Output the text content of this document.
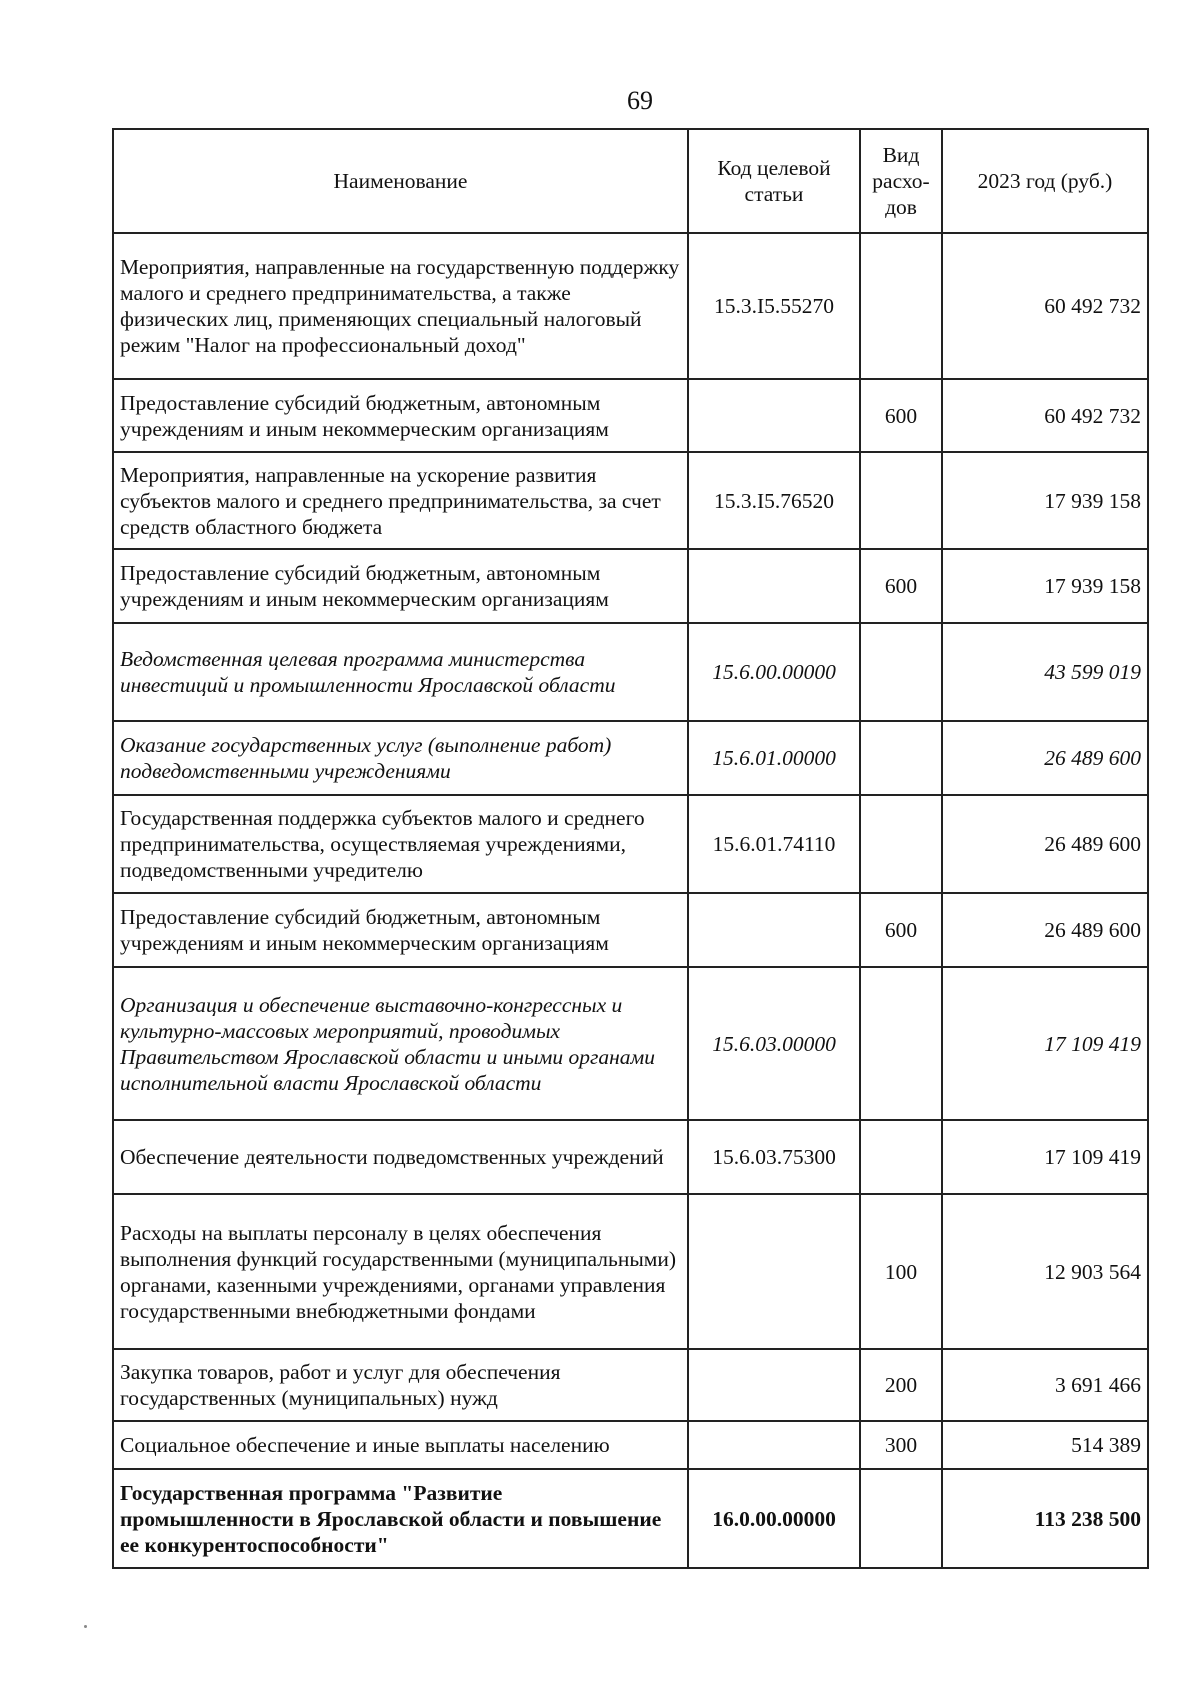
69
Наименование	Код целевой статьи	Вид расхо-дов	2023 год (руб.)
Мероприятия, направленные на государственную поддержку малого и среднего предпринимательства, а также физических лиц, применяющих специальный налоговый режим "Налог на профессиональный доход"	15.3.I5.55270		60 492 732
Предоставление субсидий бюджетным, автономным учреждениям и иным некоммерческим организациям		600	60 492 732
Мероприятия, направленные на ускорение развития субъектов малого и среднего предпринимательства, за счет средств областного бюджета	15.3.I5.76520		17 939 158
Предоставление субсидий бюджетным, автономным учреждениям и иным некоммерческим организациям		600	17 939 158
Ведомственная целевая программа министерства инвестиций и промышленности Ярославской области	15.6.00.00000		43 599 019
Оказание государственных услуг (выполнение работ) подведомственными учреждениями	15.6.01.00000		26 489 600
Государственная поддержка субъектов малого и среднего предпринимательства, осуществляемая учреждениями, подведомственными учредителю	15.6.01.74110		26 489 600
Предоставление субсидий бюджетным, автономным учреждениям и иным некоммерческим организациям		600	26 489 600
Организация и обеспечение выставочно-конгрессных и культурно-массовых мероприятий, проводимых Правительством Ярославской области и иными органами исполнительной власти Ярославской области	15.6.03.00000		17 109 419
Обеспечение деятельности подведомственных учреждений	15.6.03.75300		17 109 419
Расходы на выплаты персоналу в целях обеспечения выполнения функций государственными (муниципальными) органами, казенными учреждениями, органами управления государственными внебюджетными фондами		100	12 903 564
Закупка товаров, работ и услуг для обеспечения государственных (муниципальных) нужд		200	3 691 466
Социальное обеспечение и иные выплаты населению		300	514 389
Государственная программа "Развитие промышленности в Ярославской области и повышение ее конкурентоспособности"	16.0.00.00000		113 238 500
